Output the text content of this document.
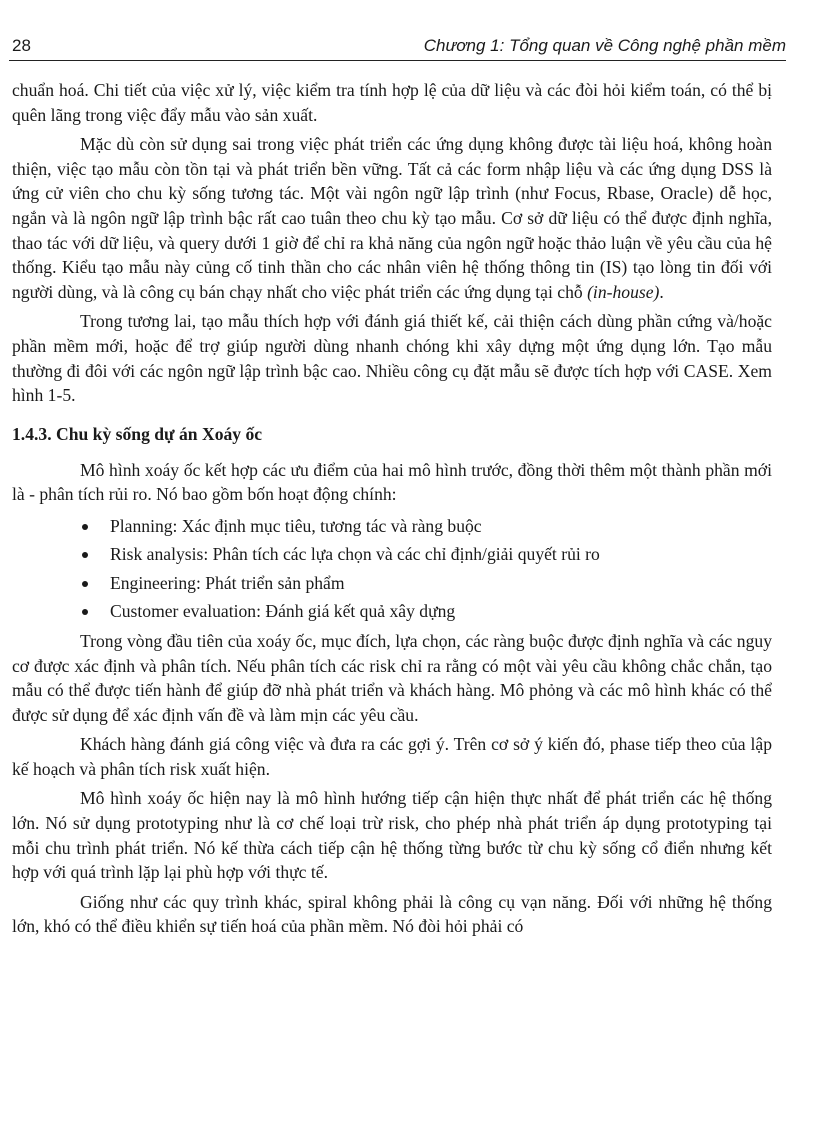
28	Chương 1: Tổng quan về Công nghệ phần mềm

chuẩn hoá. Chi tiết của việc xử lý, việc kiểm tra tính hợp lệ của dữ liệu và các đòi hỏi kiểm toán, có thể bị quên lãng trong việc đẩy mẫu vào sản xuất.

Mặc dù còn sử dụng sai trong việc phát triển các ứng dụng không được tài liệu hoá, không hoàn thiện, việc tạo mẫu còn tồn tại và phát triển bền vững. Tất cả các form nhập liệu và các ứng dụng DSS là ứng cử viên cho chu kỳ sống tương tác. Một vài ngôn ngữ lập trình (như Focus, Rbase, Oracle) dễ học, ngắn và là ngôn ngữ lập trình bậc rất cao tuân theo chu kỳ tạo mẫu. Cơ sở dữ liệu có thể được định nghĩa, thao tác với dữ liệu, và query dưới 1 giờ để chỉ ra khả năng của ngôn ngữ hoặc thảo luận về yêu cầu của hệ thống. Kiểu tạo mẫu này củng cố tinh thần cho các nhân viên hệ thống thông tin (IS) tạo lòng tin đối với người dùng, và là công cụ bán chạy nhất cho việc phát triển các ứng dụng tại chỗ (in-house).

Trong tương lai, tạo mẫu thích hợp với đánh giá thiết kế, cải thiện cách dùng phần cứng và/hoặc phần mềm mới, hoặc để trợ giúp người dùng nhanh chóng khi xây dựng một ứng dụng lớn. Tạo mẫu thường đi đôi với các ngôn ngữ lập trình bậc cao. Nhiều công cụ đặt mẫu sẽ được tích hợp với CASE. Xem hình 1-5.

1.4.3. Chu kỳ sống dự án Xoáy ốc

Mô hình xoáy ốc kết hợp các ưu điểm của hai mô hình trước, đồng thời thêm một thành phần mới là - phân tích rủi ro. Nó bao gồm bốn hoạt động chính:

Planning: Xác định mục tiêu, tương tác và ràng buộc
Risk analysis: Phân tích các lựa chọn và các chỉ định/giải quyết rủi ro
Engineering: Phát triển sản phẩm
Customer evaluation: Đánh giá kết quả xây dựng

Trong vòng đầu tiên của xoáy ốc, mục đích, lựa chọn, các ràng buộc được định nghĩa và các nguy cơ được xác định và phân tích. Nếu phân tích các risk chỉ ra rằng có một vài yêu cầu không chắc chắn, tạo mẫu có thể được tiến hành để giúp đỡ nhà phát triển và khách hàng. Mô phỏng và các mô hình khác có thể được sử dụng để xác định vấn đề và làm mịn các yêu cầu.

Khách hàng đánh giá công việc và đưa ra các gợi ý. Trên cơ sở ý kiến đó, phase tiếp theo của lập kế hoạch và phân tích risk xuất hiện.

Mô hình xoáy ốc hiện nay là mô hình hướng tiếp cận hiện thực nhất để phát triển các hệ thống lớn. Nó sử dụng prototyping như là cơ chế loại trừ risk, cho phép nhà phát triển áp dụng prototyping tại mỗi chu trình phát triển. Nó kế thừa cách tiếp cận hệ thống từng bước từ chu kỳ sống cổ điển nhưng kết hợp với quá trình lặp lại phù hợp với thực tế.

Giống như các quy trình khác, spiral không phải là công cụ vạn năng. Đối với những hệ thống lớn, khó có thể điều khiển sự tiến hoá của phần mềm. Nó đòi hỏi phải có
